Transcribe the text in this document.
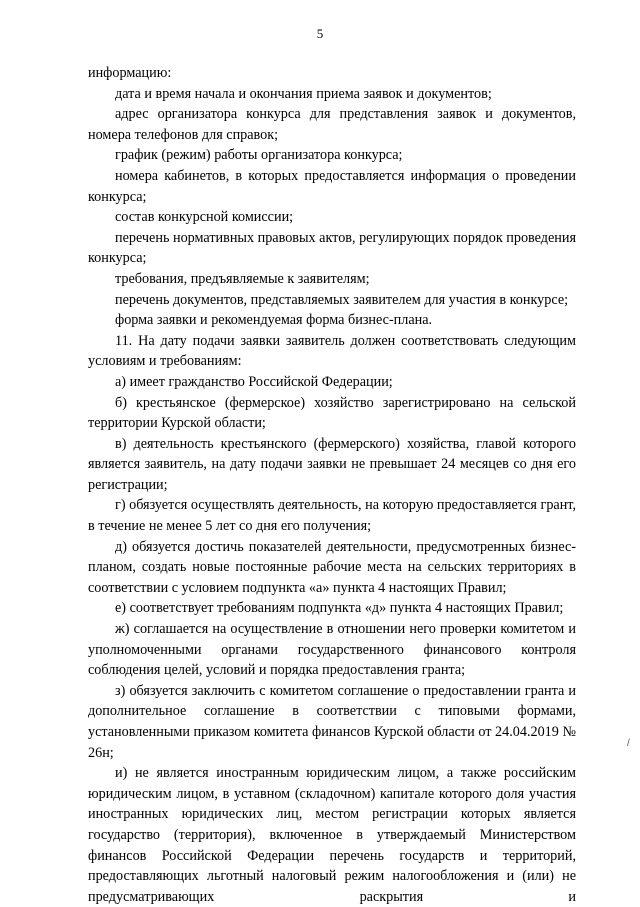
5

информацию:

дата и время начала и окончания приема заявок и документов;

адрес организатора конкурса для представления заявок и документов, номера телефонов для справок;

график (режим) работы организатора конкурса;

номера кабинетов, в которых предоставляется информация о проведении конкурса;

состав конкурсной комиссии;

перечень нормативных правовых актов, регулирующих порядок проведения конкурса;

требования, предъявляемые к заявителям;

перечень документов, представляемых заявителем для участия в конкурсе;

форма заявки и рекомендуемая форма бизнес-плана.

11. На дату подачи заявки заявитель должен соответствовать следующим условиям и требованиям:

а) имеет гражданство Российской Федерации;

б) крестьянское (фермерское) хозяйство зарегистрировано на сельской территории Курской области;

в) деятельность крестьянского (фермерского) хозяйства, главой которого является заявитель, на дату подачи заявки не превышает 24 месяцев со дня его регистрации;

г) обязуется осуществлять деятельность, на которую предоставляется грант, в течение не менее 5 лет со дня его получения;

д) обязуется достичь показателей деятельности, предусмотренных бизнес-планом, создать новые постоянные рабочие места на сельских территориях в соответствии с условием подпункта «а» пункта 4 настоящих Правил;

е) соответствует требованиям подпункта «д» пункта 4 настоящих Правил;

ж) соглашается на осуществление в отношении него проверки комитетом и уполномоченными органами государственного финансового контроля соблюдения целей, условий и порядка предоставления гранта;

з) обязуется заключить с комитетом соглашение о предоставлении гранта и дополнительное соглашение в соответствии с типовыми формами, установленными приказом комитета финансов Курской области от 24.04.2019 № 26н;

и) не является иностранным юридическим лицом, а также российским юридическим лицом, в уставном (складочном) капитале которого доля участия иностранных юридических лиц, местом регистрации которых является государство (территория), включенное в утверждаемый Министерством финансов Российской Федерации перечень государств и территорий, предоставляющих льготный налоговый режим налогообложения и (или) не предусматривающих раскрытия и

/
